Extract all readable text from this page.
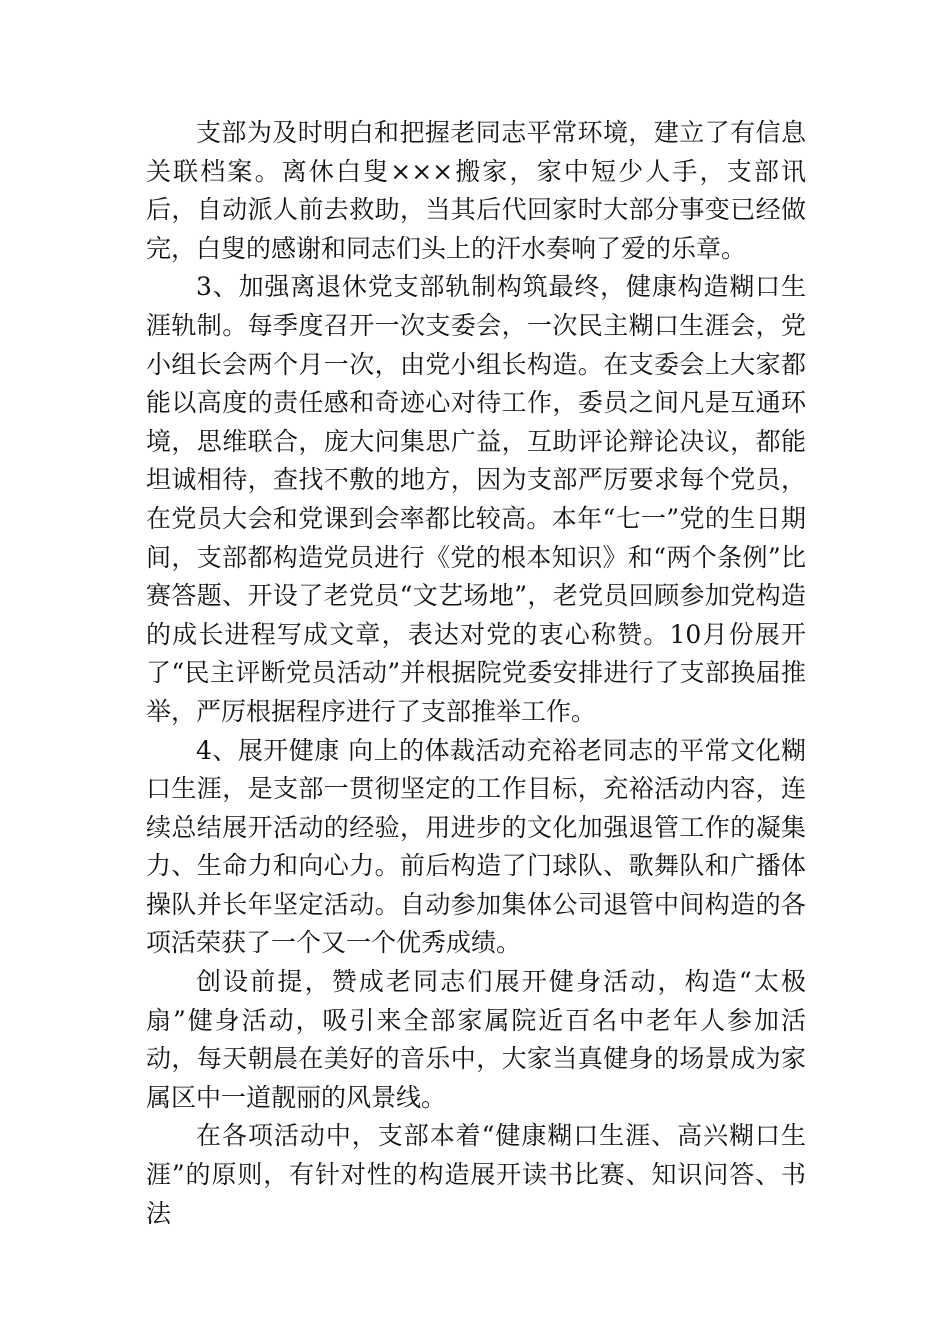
支部为及时明白和把握老同志平常环境，建立了有信息关联档案。离休白叟×××搬家，家中短少人手，支部讯后，自动派人前去救助，当其后代回家时大部分事变已经做完，白叟的感谢和同志们头上的汗水奏响了爱的乐章。

3、加强离退休党支部轨制构筑最终，健康构造糊口生涯轨制。每季度召开一次支委会，一次民主糊口生涯会，党小组长会两个月一次，由党小组长构造。在支委会上大家都能以高度的责任感和奇迹心对待工作，委员之间凡是互通环境，思维联合，庞大问集思广益，互助评论辩论决议，都能坦诚相待，查找不敷的地方，因为支部严厉要求每个党员，在党员大会和党课到会率都比较高。本年“七一”党的生日期间，支部都构造党员进行《党的根本知识》和“两个条例”比赛答题、开设了老党员“文艺场地”，老党员回顾参加党构造的成长进程写成文章，表达对党的衷心称赞。10月份展开了“民主评断党员活动”并根据院党委安排进行了支部换届推举，严厉根据程序进行了支部推举工作。

4、展开健康 向上的体裁活动充裕老同志的平常文化糊口生涯，是支部一贯彻坚定的工作目标，充裕活动内容，连续总结展开活动的经验，用进步的文化加强退管工作的凝集力、生命力和向心力。前后构造了门球队、歌舞队和广播体操队并长年坚定活动。自动参加集体公司退管中间构造的各项活荣获了一个又一个优秀成绩。

创设前提，赞成老同志们展开健身活动，构造“太极扇”健身活动，吸引来全部家属院近百名中老年人参加活动，每天朝晨在美好的音乐中，大家当真健身的场景成为家属区中一道靓丽的风景线。

在各项活动中，支部本着“健康糊口生涯、高兴糊口生涯”的原则，有针对性的构造展开读书比赛、知识问答、书法
